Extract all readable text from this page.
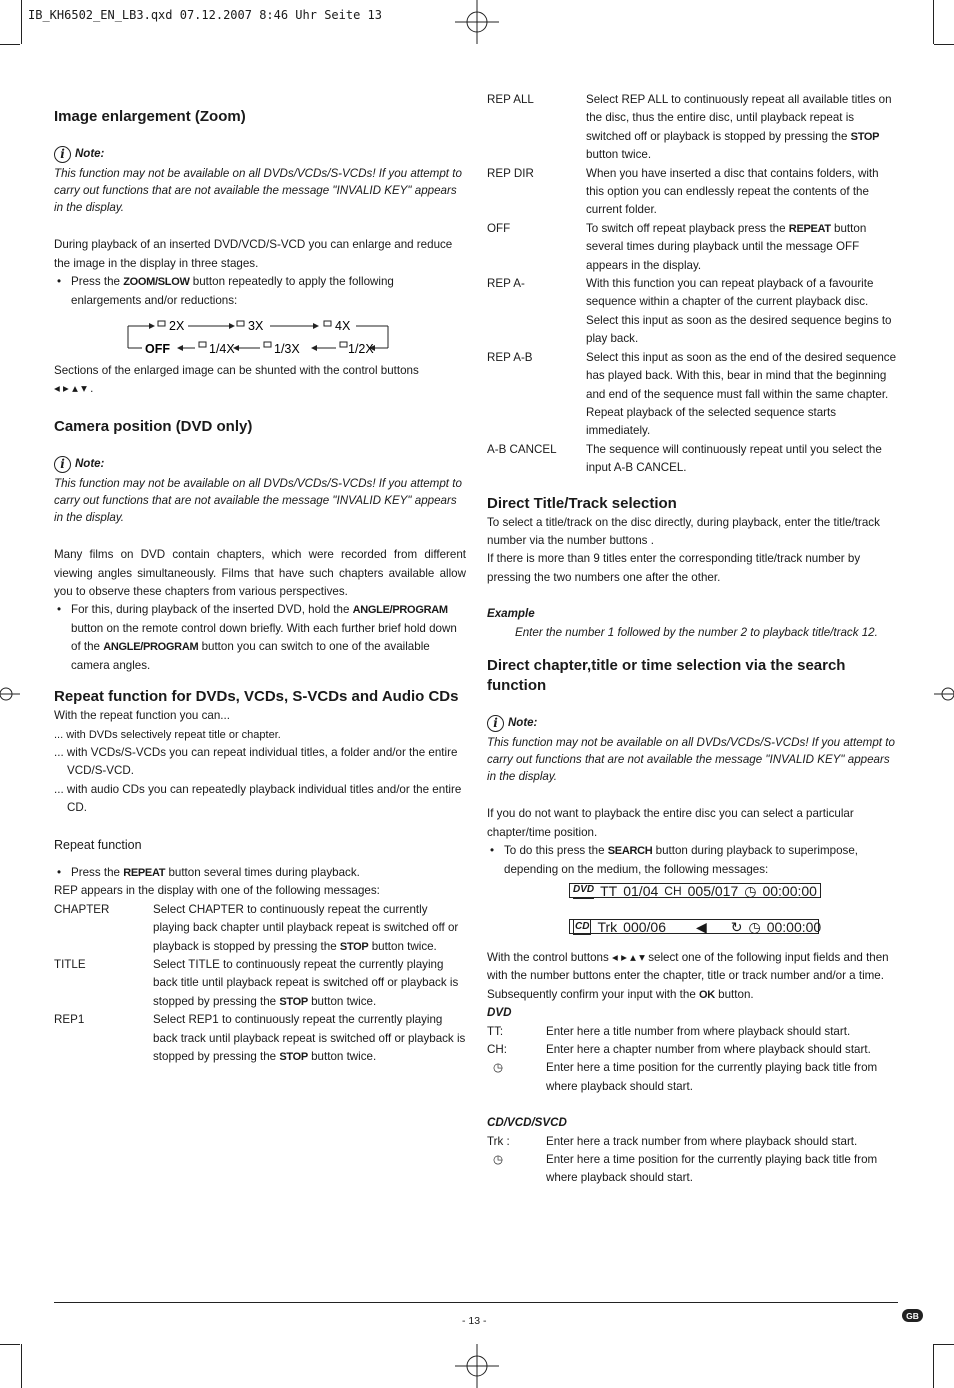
IB_KH6502_EN_LB3.qxd 07.12.2007 8:46 Uhr Seite 13
Image enlargement (Zoom)
i Note:

This function may not be available on all DVDs/VCDs/S-VCDs! If you attempt to carry out functions that are not available the message "INVALID KEY" appears in the display.

During playback of an inserted DVD/VCD/S-VCD you can enlarge and reduce the image in the display in three stages.

• Press the ZOOM/SLOW button repeatedly to apply the following enlargements and/or reductions:

2X	3X	4X
1/2X
1/3X
1/4X
OFF

Sections of the enlarged image can be shunted with the control buttons
◂ ▸ ▴ ▾ .

Camera position (DVD only)
i Note:

This function may not be available on all DVDs/VCDs/S-VCDs! If you attempt to carry out functions that are not available the message "INVALID KEY" appears in the display.

Many films on DVD contain chapters, which were recorded from different viewing angles simultaneously. Films that have such chapters available allow you to observe these chapters from various perspectives.

• For this, during playback of the inserted DVD, hold the ANGLE/PROGRAM button on the remote control down briefly. With each further brief hold down of the ANGLE/PROGRAM button you can switch to one of the available camera angles.

Repeat function for DVDs, VCDs, S-VCDs and Audio CDs

With the repeat function you can...

... with DVDs selectively repeat title or chapter.

... with VCDs/S-VCDs you can repeat individual titles, a folder and/or the entire VCD/S-VCD.

... with audio CDs you can repeatedly playback individual titles and/or the entire CD.

Repeat function

• Press the REPEAT button several times during playback.

REP appears in the display with one of the following messages:

CHAPTER	Select CHAPTER to continuously repeat the currently playing back chapter until playback repeat is switched off or playback is stopped by pressing the STOP button twice.
TITLE	Select TITLE to continuously repeat the currently playing back title until playback repeat is switched off or playback is stopped by pressing the STOP button twice.
REP1	Select REP1 to continuously repeat the currently playing back track until playback repeat is switched off or playback is stopped by pressing the STOP button twice.
REP ALL	Select REP ALL to continuously repeat all available titles on the disc, thus the entire disc, until playback repeat is switched off or playback is stopped by pressing the STOP button twice.
REP DIR	When you have inserted a disc that contains folders, with this option you can endlessly repeat the contents of the current folder.
OFF	To switch off repeat playback press the REPEAT button several times during playback until the message OFF appears in the display.
REP A-	With this function you can repeat playback of a favourite sequence within a chapter of the current playback disc. Select this input as soon as the desired sequence begins to play back.
REP A-B	Select this input as soon as the end of the desired sequence has played back. With this, bear in mind that the beginning and end of the sequence must fall within the same chapter. Repeat playback of the selected sequence starts immediately.
A-B CANCEL	The sequence will continuously repeat until you select the input A-B CANCEL.
Direct Title/Track selection

To select a title/track on the disc directly, during playback, enter the title/track number via the number buttons .

If there is more than 9 titles enter the corresponding title/track number by pressing the two numbers one after the other.

Example

Enter the number 1 followed by the number 2 to playback title/track 12.

Direct chapter,title or time selection via the search function
i Note:

This function may not be available on all DVDs/VCDs/S-VCDs! If you attempt to carry out functions that are not available the message "INVALID KEY" appears in the display.

If you do not want to playback the entire disc you can select a particular chapter/time position.

• To do this press the SEARCH button during playback to superimpose, depending on the medium, the following messages:

DVD TT 01/04 CH 005/017 ◷ 00:00:00
CD Trk 000/06 ◀ ↻ ◷ 00:00:00

With the control buttons ◂ ▸ ▴ ▾ select one of the following input fields and then with the number buttons enter the chapter, title or track number and/or a time.

Subsequently confirm your input with the OK button.

DVD

TT:	Enter here a title number from where playback should start.
CH:	Enter here a chapter number from where playback should start.
◷	Enter here a time position for the currently playing back title from where playback should start.

CD/VCD/SVCD

Trk :	Enter here a track number from where playback should start.
◷	Enter here a time position for the currently playing back title from where playback should start.
- 13 -	GB
